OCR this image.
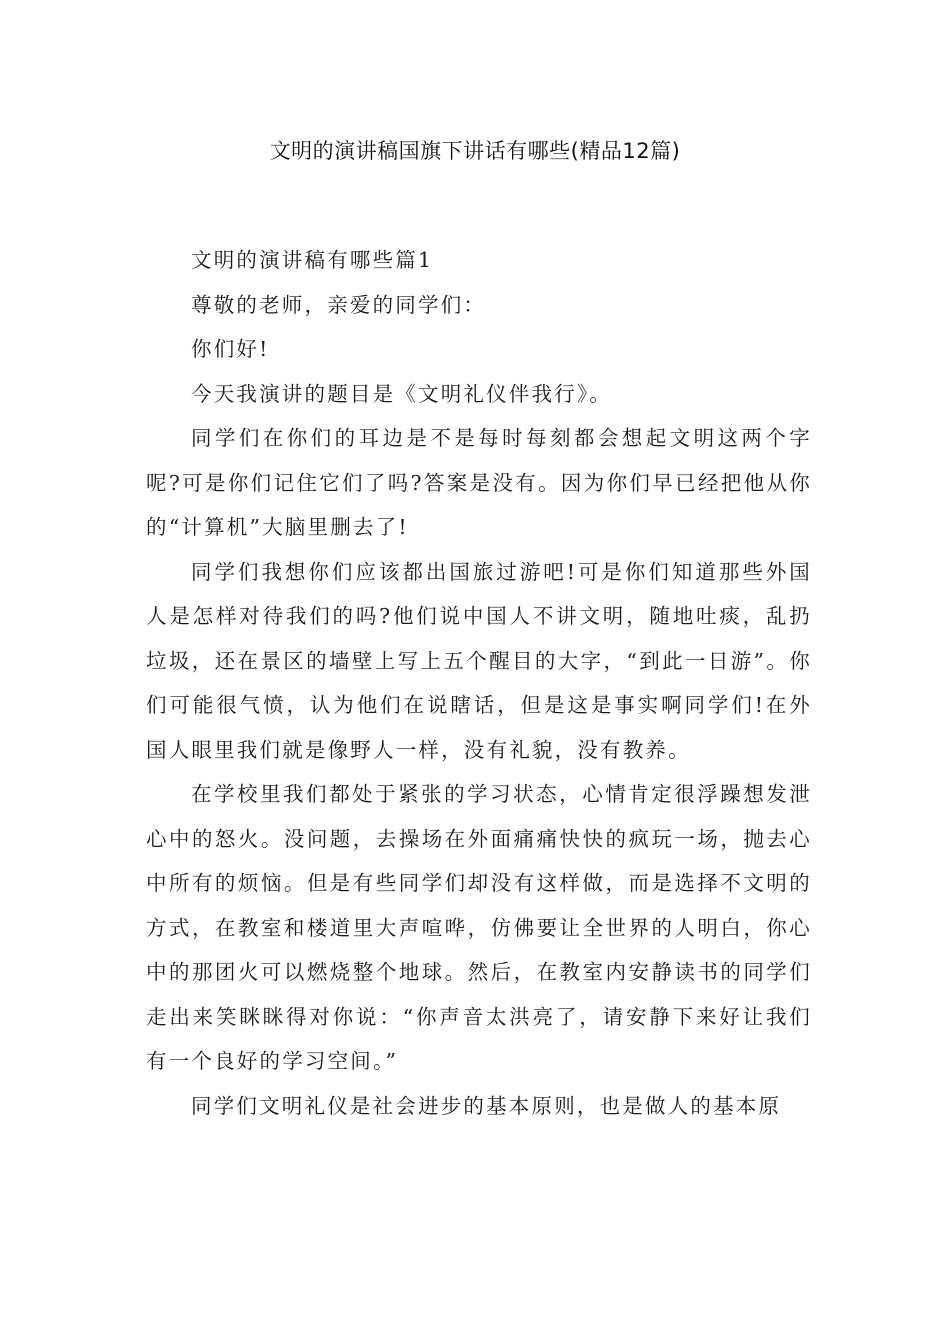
文明的演讲稿国旗下讲话有哪些(精品12篇)

文明的演讲稿有哪些篇1

尊敬的老师，亲爱的同学们：

你们好!

今天我演讲的题目是《文明礼仪伴我行》。

同学们在你们的耳边是不是每时每刻都会想起文明这两个字呢?可是你们记住它们了吗?答案是没有。因为你们早已经把他从你的“计算机”大脑里删去了!

同学们我想你们应该都出国旅过游吧!可是你们知道那些外国人是怎样对待我们的吗?他们说中国人不讲文明，随地吐痰，乱扔垃圾，还在景区的墙壁上写上五个醒目的大字，“到此一日游”。你们可能很气愤，认为他们在说瞎话，但是这是事实啊同学们!在外国人眼里我们就是像野人一样，没有礼貌，没有教养。

在学校里我们都处于紧张的学习状态，心情肯定很浮躁想发泄心中的怒火。没问题，去操场在外面痛痛快快的疯玩一场，抛去心中所有的烦恼。但是有些同学们却没有这样做，而是选择不文明的方式，在教室和楼道里大声喧哗，仿佛要让全世界的人明白，你心中的那团火可以燃烧整个地球。然后，在教室内安静读书的同学们走出来笑眯眯得对你说：“你声音太洪亮了，请安静下来好让我们有一个良好的学习空间。”

同学们文明礼仪是社会进步的基本原则，也是做人的基本原
